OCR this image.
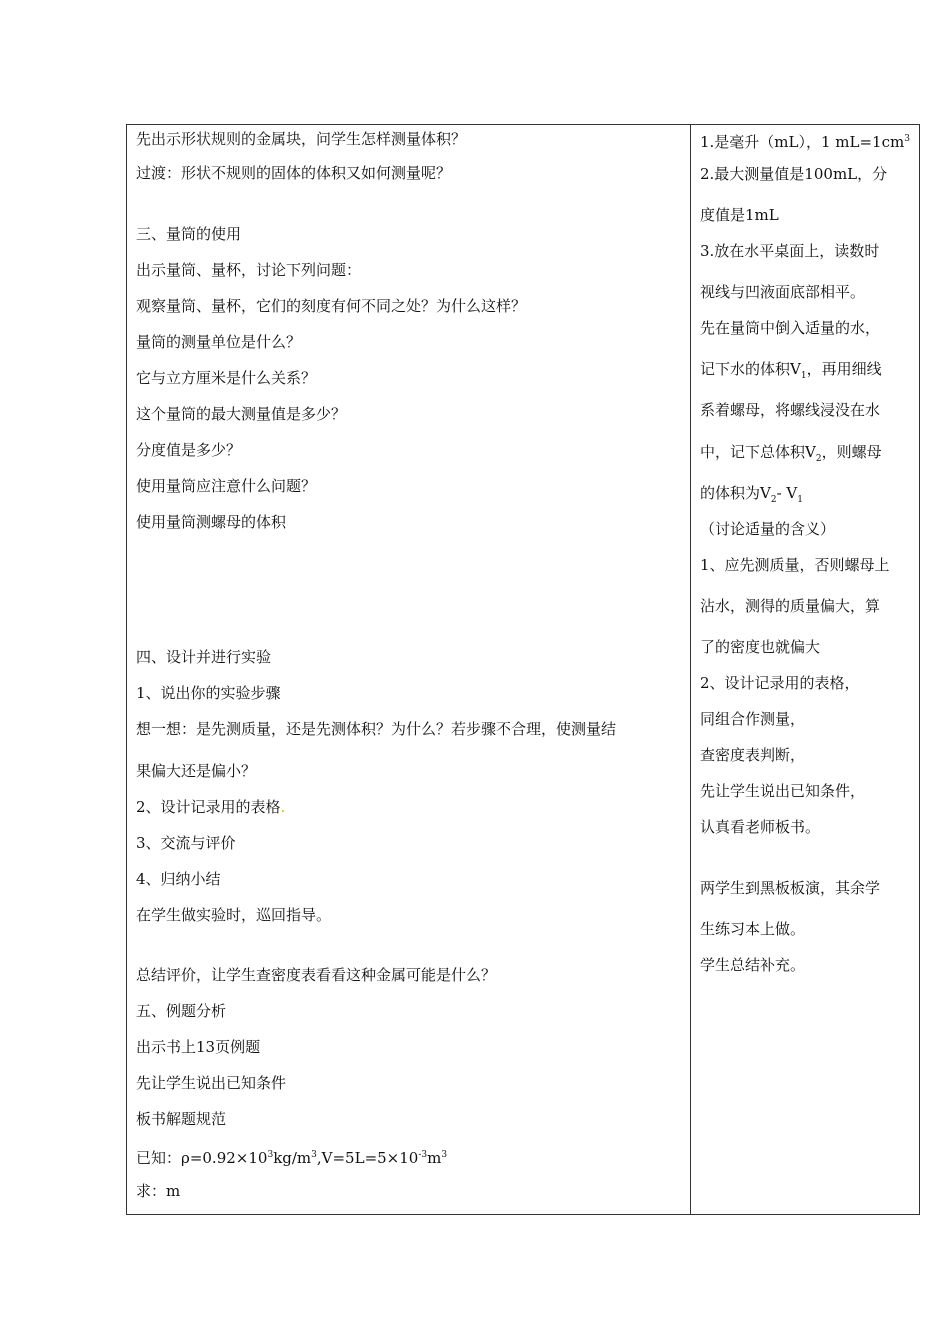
先出示形状规则的金属块，问学生怎样测量体积？
过渡：形状不规则的固体的体积又如何测量呢？
三、量筒的使用
出示量筒、量杯，讨论下列问题：
观察量筒、量杯，它们的刻度有何不同之处？为什么这样？
量筒的测量单位是什么？
它与立方厘米是什么关系？
这个量筒的最大测量值是多少？
分度值是多少？
使用量筒应注意什么问题？
使用量筒测螺母的体积
四、设计并进行实验
1、说出你的实验步骤
想一想：是先测质量，还是先测体积？为什么？若步骤不合理，使测量结
果偏大还是偏小？
2、设计记录用的表格.
3、交流与评价
4、归纳小结
在学生做实验时，巡回指导。
总结评价，让学生查密度表看看这种金属可能是什么？
五、例题分析
出示书上13页例题
先让学生说出已知条件
板书解题规范
已知：$\rho=0.92\times 10^3kg/m^3,V=5L=5\times 10^{-3}m^3$
求：m
1.是毫升（mL），1 $mL=1cm^3$
2.最大测量值是100mL，分
度值是1mL
3.放在水平桌面上，读数时
视线与凹液面底部相平。
先在量筒中倒入适量的水，
记下水的体积$V_1$，再用细线
系着螺母，将螺线浸没在水
中，记下总体积$V_2$，则螺母
的体积为$V_2-$ $V_1$
（讨论适量的含义）
1、应先测质量，否则螺母上
沾水，测得的质量偏大，算
了的密度也就偏大
2、设计记录用的表格，
同组合作测量，
查密度表判断，
先让学生说出已知条件，
认真看老师板书。
两学生到黑板板演，其余学
生练习本上做。
学生总结补充。
